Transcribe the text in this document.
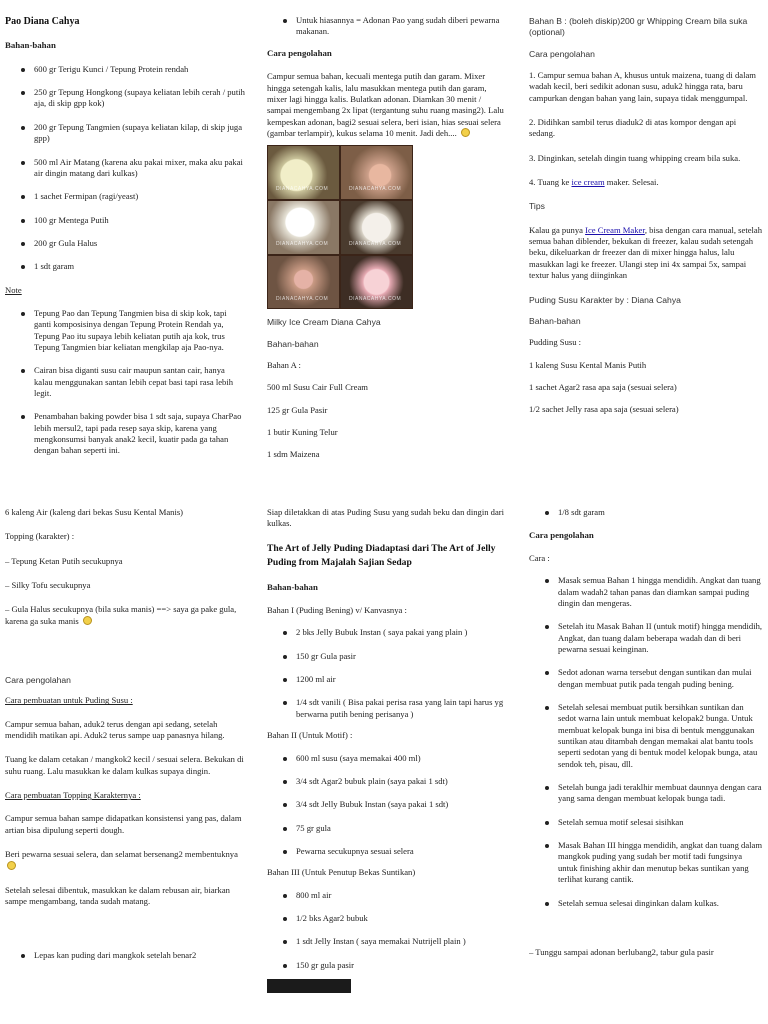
Pao Diana Cahya
Bahan-bahan
600 gr Terigu Kunci / Tepung Protein rendah
250 gr Tepung Hongkong (supaya keliatan lebih cerah / putih aja, di skip gpp kok)
200 gr Tepung Tangmien (supaya keliatan kilap, di skip juga gpp)
500 ml Air Matang (karena aku pakai mixer, maka aku pakai air dingin matang dari kulkas)
1 sachet Fermipan (ragi/yeast)
100 gr Mentega Putih
200 gr Gula Halus
1 sdt garam

Note

Tepung Pao dan Tepung Tangmien bisa di skip kok, tapi ganti komposisinya dengan Tepung Protein Rendah ya, Tepung Pao itu supaya lebih keliatan putih aja kok, trus Tepung Tangmien biar keliatan mengkilap aja Pao-nya.
Cairan bisa diganti susu cair maupun santan cair, hanya kalau menggunakan santan lebih cepat basi tapi rasa lebih legit.
Penambahan baking powder bisa 1 sdt saja, supaya CharPao lebih mersul2, tapi pada resep saya skip, karena yang mengkonsumsi banyak anak2 kecil, kuatir pada ga tahan dengan bahan seperti ini.
Untuk hiasannya = Adonan Pao yang sudah diberi pewarna makanan.
Cara pengolahan

Campur semua bahan, kecuali mentega putih dan garam. Mixer hingga setengah kalis, lalu masukkan mentega putih dan garam, mixer lagi hingga kalis. Bulatkan adonan. Diamkan 30 menit / sampai mengembang 2x lipat (tergantung suhu ruang masing2). Lalu kempeskan adonan, bagi2 sesuai selera, beri isian, hias sesuai selera (gambar terlampir), kukus selama 10 menit. Jadi deh....

DIANACAHYA.COM	DIANACAHYA.COM
DIANACAHYA.COM	DIANACAHYA.COM
DIANACAHYA.COM	DIANACAHYA.COM

Milky Ice Cream Diana Cahya

Bahan-bahan

Bahan A :

500 ml Susu Cair Full Cream

125 gr Gula Pasir

1 butir Kuning Telur

1 sdm Maizena

Bahan B : (boleh diskip)200 gr Whipping Cream bila suka (optional)

Cara pengolahan

1. Campur semua bahan A, khusus untuk maizena, tuang di dalam wadah kecil, beri sedikit adonan susu, aduk2 hingga rata, baru campurkan dengan bahan yang lain, supaya tidak menggumpal.

2. Didihkan sambil terus diaduk2 di atas kompor dengan api sedang.

3. Dinginkan, setelah dingin tuang whipping cream bila suka.

4. Tuang ke ice cream maker. Selesai.

Tips

Kalau ga punya Ice Cream Maker, bisa dengan cara manual, setelah semua bahan diblender, bekukan di freezer, kalau sudah setengah beku, dikeluarkan dr freezer dan di mixer hingga halus, lalu masukkan lagi ke freezer. Ulangi step ini 4x sampai 5x, sampai textur halus yang diinginkan

Puding Susu Karakter by : Diana Cahya

Bahan-bahan

Pudding Susu :

1 kaleng Susu Kental Manis Putih

1 sachet Agar2 rasa apa saja (sesuai selera)

1/2 sachet Jelly rasa apa saja (sesuai selera)

6 kaleng Air (kaleng dari bekas Susu Kental Manis)

Topping (karakter) :

– Tepung Ketan Putih secukupnya

– Silky Tofu secukupnya

– Gula Halus secukupnya (bila suka manis) ==> saya ga pake gula, karena ga suka manis

Cara pengolahan

Cara pembuatan untuk Puding Susu :

Campur semua bahan, aduk2 terus dengan api sedang, setelah mendidih matikan api. Aduk2 terus sampe uap panasnya hilang.

Tuang ke dalam cetakan / mangkok2 kecil / sesuai selera. Bekukan di suhu ruang. Lalu masukkan ke dalam kulkas supaya dingin.

Cara pembuatan Topping Karakternya :

Campur semua bahan sampe didapatkan konsistensi yang pas, dalam artian bisa dipulung seperti dough.

Beri pewarna sesuai selera, dan selamat bersenang2 membentuknya

Setelah selesai dibentuk, masukkan ke dalam rebusan air, biarkan sampe mengambang, tanda sudah matang.

Lepas kan puding dari mangkok setelah benar2

Siap diletakkan di atas Puding Susu yang sudah beku dan dingin dari kulkas.

The Art of Jelly Puding Diadaptasi dari The Art of Jelly Puding from Majalah Sajian Sedap
Bahan-bahan

Bahan I (Puding Bening) v/ Kanvasnya :

2 bks Jelly Bubuk Instan ( saya pakai yang plain )
150 gr Gula pasir
1200 ml air
1/4 sdt vanili ( Bisa pakai perisa rasa yang lain tapi harus yg berwarna putih bening perisanya )

Bahan II (Untuk Motif) :

600 ml susu (saya memakai 400 ml)
3/4 sdt Agar2 bubuk plain (saya pakai 1 sdt)
3/4 sdt Jelly Bubuk Instan (saya pakai 1 sdt)
75 gr gula
Pewarna secukupnya sesuai selera

Bahan III (Untuk Penutup Bekas Suntikan)

800 ml air
1/2 bks Agar2 bubuk
1 sdt Jelly Instan ( saya memakai Nutrijell plain )
150 gr gula pasir
1/8 sdt garam
Cara pengolahan

Cara :

Masak semua Bahan 1 hingga mendidih. Angkat dan tuang dalam wadah2 tahan panas dan diamkan sampai puding dingin dan mengeras.
Setelah itu Masak Bahan II (untuk motif) hingga mendidih, Angkat, dan tuang dalam beberapa wadah dan di beri pewarna sesuai keinginan.
Sedot adonan warna tersebut dengan suntikan dan mulai dengan membuat putik pada tengah puding bening.
Setelah selesai membuat putik bersihkan suntikan dan sedot warna lain untuk membuat kelopak2 bunga. Untuk membuat kelopak bunga ini bisa di bentuk menggunakan suntikan atau ditambah dengan memakai alat bantu tools seperti sedotan yang di bentuk model kelopak bunga, atau sendok teh, pisau, dll.
Setelah bunga jadi teraklhir membuat daunnya dengan cara yang sama dengan membuat kelopak bunga tadi.
Setelah semua motif selesai sisihkan
Masak Bahan III hingga mendidih, angkat dan tuang dalam mangkok puding yang sudah ber motif tadi fungsinya untuk finishing akhir dan menutup bekas suntikan yang terlihat kurang cantik.
Setelah semua selesai dinginkan dalam kulkas.

– Tunggu sampai adonan berlubang2, tabur gula pasir
